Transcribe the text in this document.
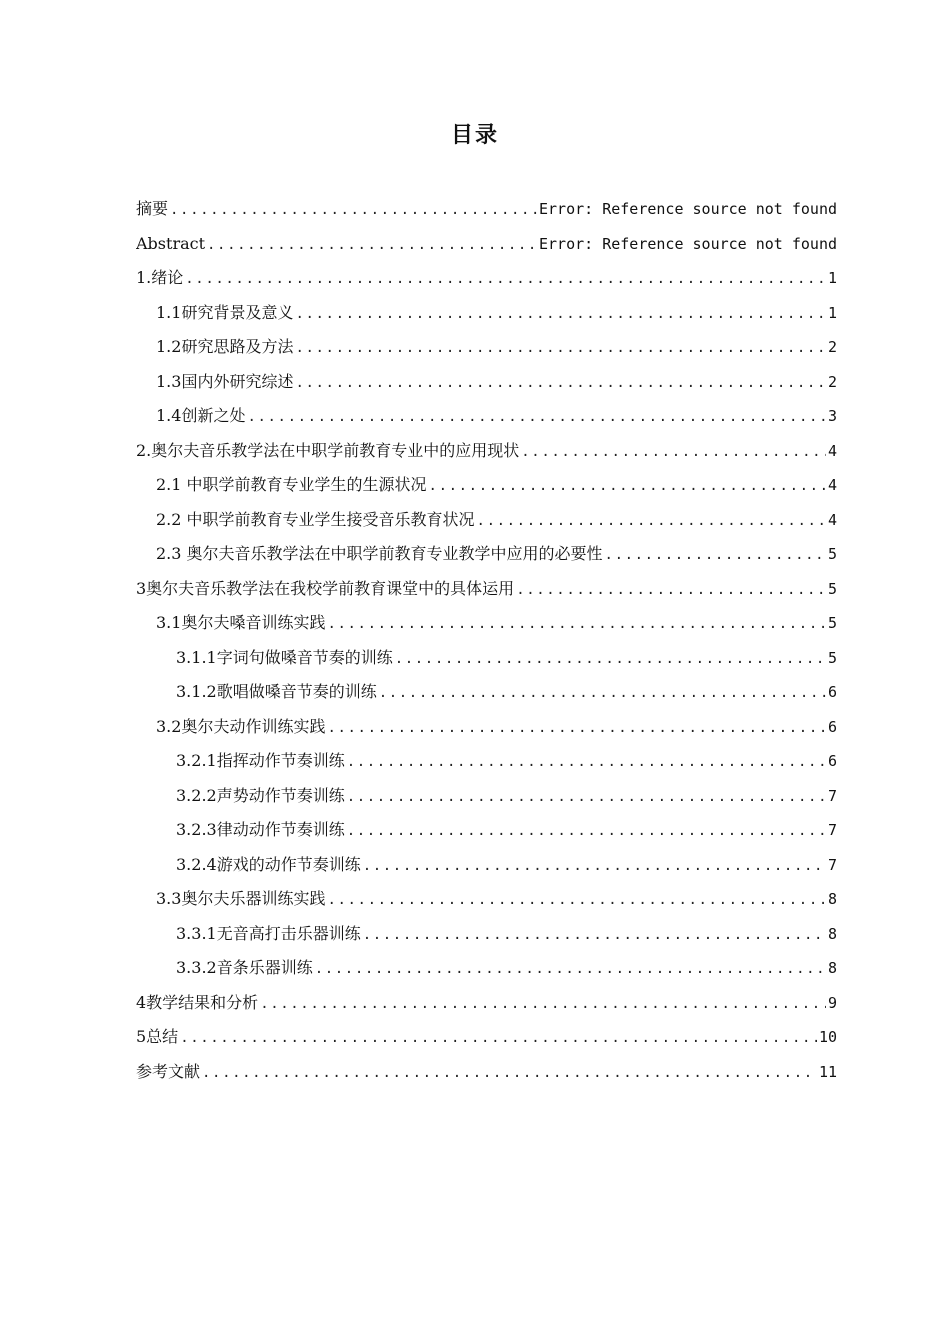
目录
摘要 .....	Error: Reference source not found
Abstract .....	Error: Reference source not found
1.绪论 .....	1
1.1研究背景及意义 .....	1
1.2研究思路及方法 .....	2
1.3国内外研究综述 .....	2
1.4创新之处 .....	3
2.奥尔夫音乐教学法在中职学前教育专业中的应用现状 .....	4
2.1 中职学前教育专业学生的生源状况 .....	4
2.2 中职学前教育专业学生接受音乐教育状况 .....	4
2.3 奥尔夫音乐教学法在中职学前教育专业教学中应用的必要性 .....	5
3奥尔夫音乐教学法在我校学前教育课堂中的具体运用 .....	5
3.1奥尔夫嗓音训练实践 .....	5
3.1.1字词句做嗓音节奏的训练 .....	5
3.1.2歌唱做嗓音节奏的训练 .....	6
3.2奥尔夫动作训练实践 .....	6
3.2.1指挥动作节奏训练 .....	6
3.2.2声势动作节奏训练 .....	7
3.2.3律动动作节奏训练 .....	7
3.2.4游戏的动作节奏训练 .....	7
3.3奥尔夫乐器训练实践 .....	8
3.3.1无音高打击乐器训练 .....	8
3.3.2音条乐器训练 .....	8
4教学结果和分析 .....	9
5总结 .....	10
参考文献 .....	11
